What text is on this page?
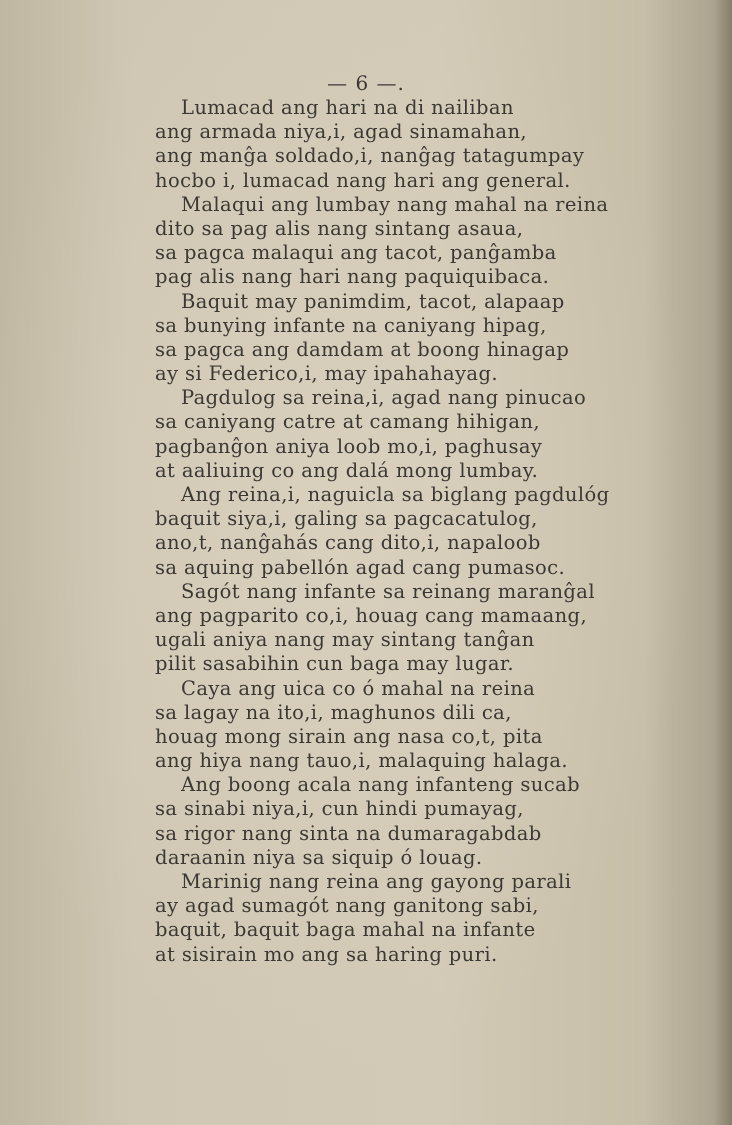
— 6 —.
Lumacad ang hari na di nailiban
ang armada niya,i, agad sinamahan,
ang manĝa soldado,i, nanĝag tatagumpay
hocbo i, lumacad nang hari ang general.
Malaqui ang lumbay nang mahal na reina
dito sa pag alis nang sintang asaua,
sa pagca malaqui ang tacot, panĝamba
pag alis nang hari nang paquiquibaca.
Baquit may panimdim, tacot, alapaap
sa bunying infante na caniyang hipag,
sa pagca ang damdam at boong hinagap
ay si Federico,i, may ipahahayag.
Pagdulog sa reina,i, agad nang pinucao
sa caniyang catre at camang hihigan,
pagbanĝon aniya loob mo,i, paghusay
at aaliuing co ang dalá mong lumbay.
Ang reina,i, naguicla sa biglang pagdulóg
baquit siya,i, galing sa pagcacatulog,
ano,t, nanĝahás cang dito,i, napaloob
sa aquing pabellón agad cang pumasoc.
Sagót nang infante sa reinang maranĝal
ang pagparito co,i, houag cang mamaang,
ugali aniya nang may sintang tanĝan
pilit sasabihin cun baga may lugar.
Caya ang uica co ó mahal na reina
sa lagay na ito,i, maghunos dili ca,
houag mong sirain ang nasa co,t, pita
ang hiya nang tauo,i, malaquing halaga.
Ang boong acala nang infanteng sucab
sa sinabi niya,i, cun hindi pumayag,
sa rigor nang sinta na dumaragabdab
daraanin niya sa siquip ó louag.
Marinig nang reina ang gayong parali
ay agad sumagót nang ganitong sabi,
baquit, baquit baga mahal na infante
at sisirain mo ang sa haring puri.
